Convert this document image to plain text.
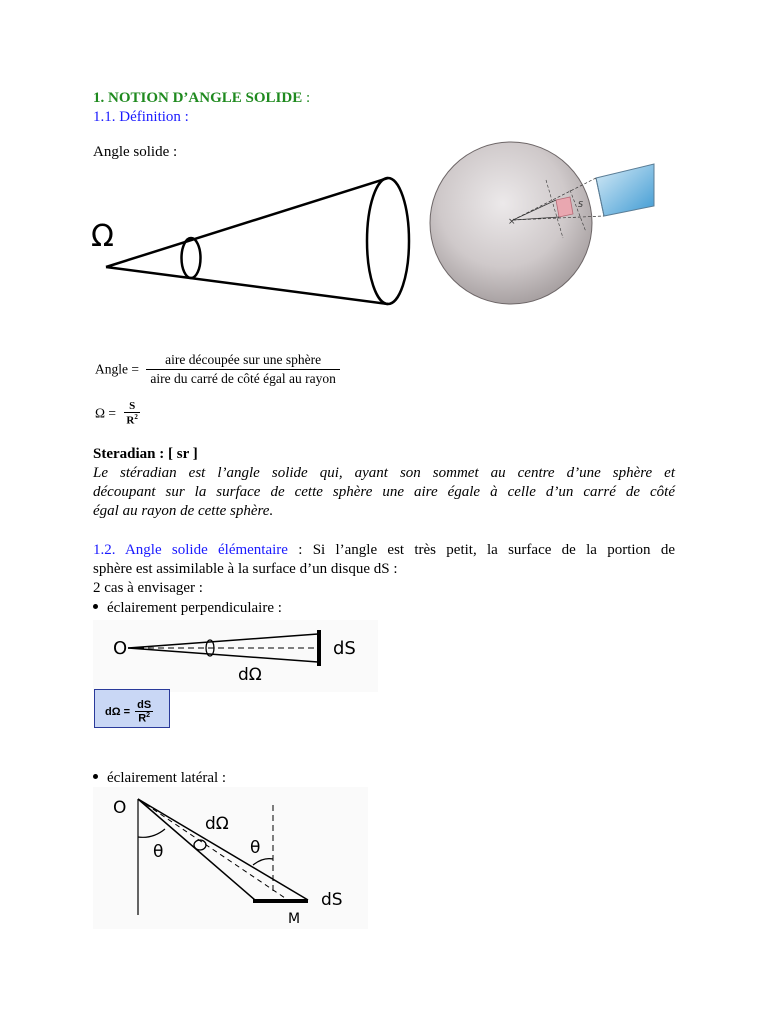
1. NOTION D’ANGLE SOLIDE :
1.1. Définition :
Angle solide :
Ω	×
S
Angle = $\frac{\text{aire découpée sur une sphère}}{\text{aire du carré de côté égal au rayon}}$
$\Omega = \frac{S}{R^2}$
Steradian : [ sr ]
Le stéradian est l’angle solide qui, ayant son sommet au centre d’une sphère et
découpant sur la surface de cette sphère une aire égale à celle d’un carré de côté
égal au rayon de cette sphère.
1.2. Angle solide élémentaire : Si l’angle est très petit, la surface de la portion de
sphère est assimilable à la surface d’un disque dS :
2 cas à envisager :
éclairement perpendiculaire :
O	dS
dΩ
$d\Omega = \frac{dS}{R^2}$
éclairement latéral :
O
dΩ
θ	θ
dS
M
